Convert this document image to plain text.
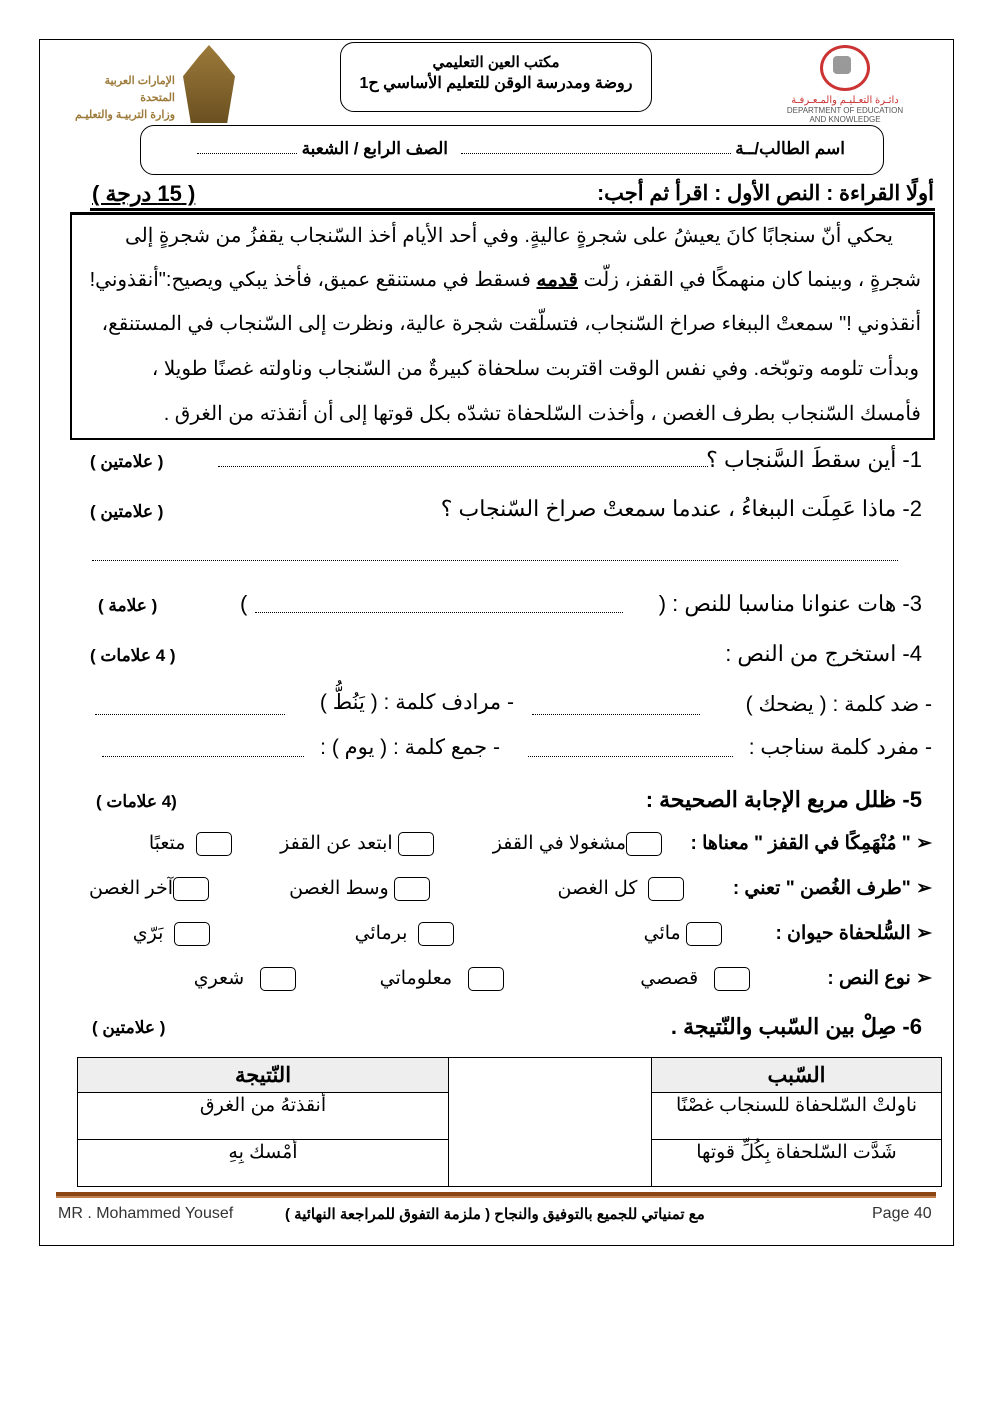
الإمارات العربية المتحدة
وزارة التربيـة والتعليـم
مكتب العين التعليمي
روضة ومدرسة الوقن للتعليم الأساسي ح1
دائـرة التعـليـم والمـعـرفـة
DEPARTMENT OF EDUCATION
AND KNOWLEDGE
اسم الطالب/ــة
الصف الرابع / الشعبة
أولًا القراءة : النص الأول : اقرأ ثم أجب:
( 15 درجة )
يحكي أنّ سنجابًا كانَ يعيشُ على شجرةٍ عاليةٍ. وفي أحد الأيام أخذ السّنجاب يقفزُ من شجرةٍ إلى
شجرةٍ ، وبينما كان منهمكًا في القفز، زلّت قدمه فسقط في مستنقع عميق، فأخذ يبكي ويصيح:"أنقذوني!
أنقذوني !" سمعتْ الببغاء صراخ السّنجاب، فتسلّقت شجرة عالية، ونظرت إلى السّنجاب في المستنقع،
وبدأت تلومه وتوبّخه. وفي نفس الوقت اقتربت سلحفاة كبيرةٌ من السّنجاب وناولته غصنًا طويلا ،
فأمسك السّنجاب بطرف الغصن ، وأخذت السّلحفاة تشدّه بكل قوتها إلى أن أنقذته من الغرق .
1- أين سقطَ السَّنجاب ؟
( علامتين )
2- ماذا عَمِلَت الببغاءُ ، عندما سمعتْ صراخ السّنجاب ؟
( علامتين )
3- هات عنوانا مناسبا للنص : (
)
( علامة )
4- استخرج من النص :
( 4 علامات )
- ضد كلمة : ( يضحك )
- مرادف كلمة : ( يَنُطُّ )
- مفرد كلمة سناجب :
- جمع كلمة : ( يوم ) :
5- ظلل مربع الإجابة الصحيحة :
(4 علامات )
➢ " مُنْهَمِكًا في القفز " معناها :
مشغولا في القفز
ابتعد عن القفز
متعبًا
➢ "طرف الغُصن " تعني :
كل الغصن
وسط الغصن
آخر الغصن
➢ السُّلحفاة حيوان :
مائي
برمائي
بَرّي
➢ نوع النص :
قصصي
معلوماتي
شعري
6- صِلْ بين السّبب والنّتيجة .
( علامتين )
السّبب		النّتيجة
ناولتْ السّلحفاة للسنجاب غصْنًا		أنقذتهُ من الغرق
شَدَّت السّلحفاة بِكُلِّ قوتها		أمْسك بِهِ
MR . Mohammed Yousef	مع تمنياتي للجميع بالتوفيق والنجاح ( ملزمة التفوق للمراجعة النهائية )	Page 40
